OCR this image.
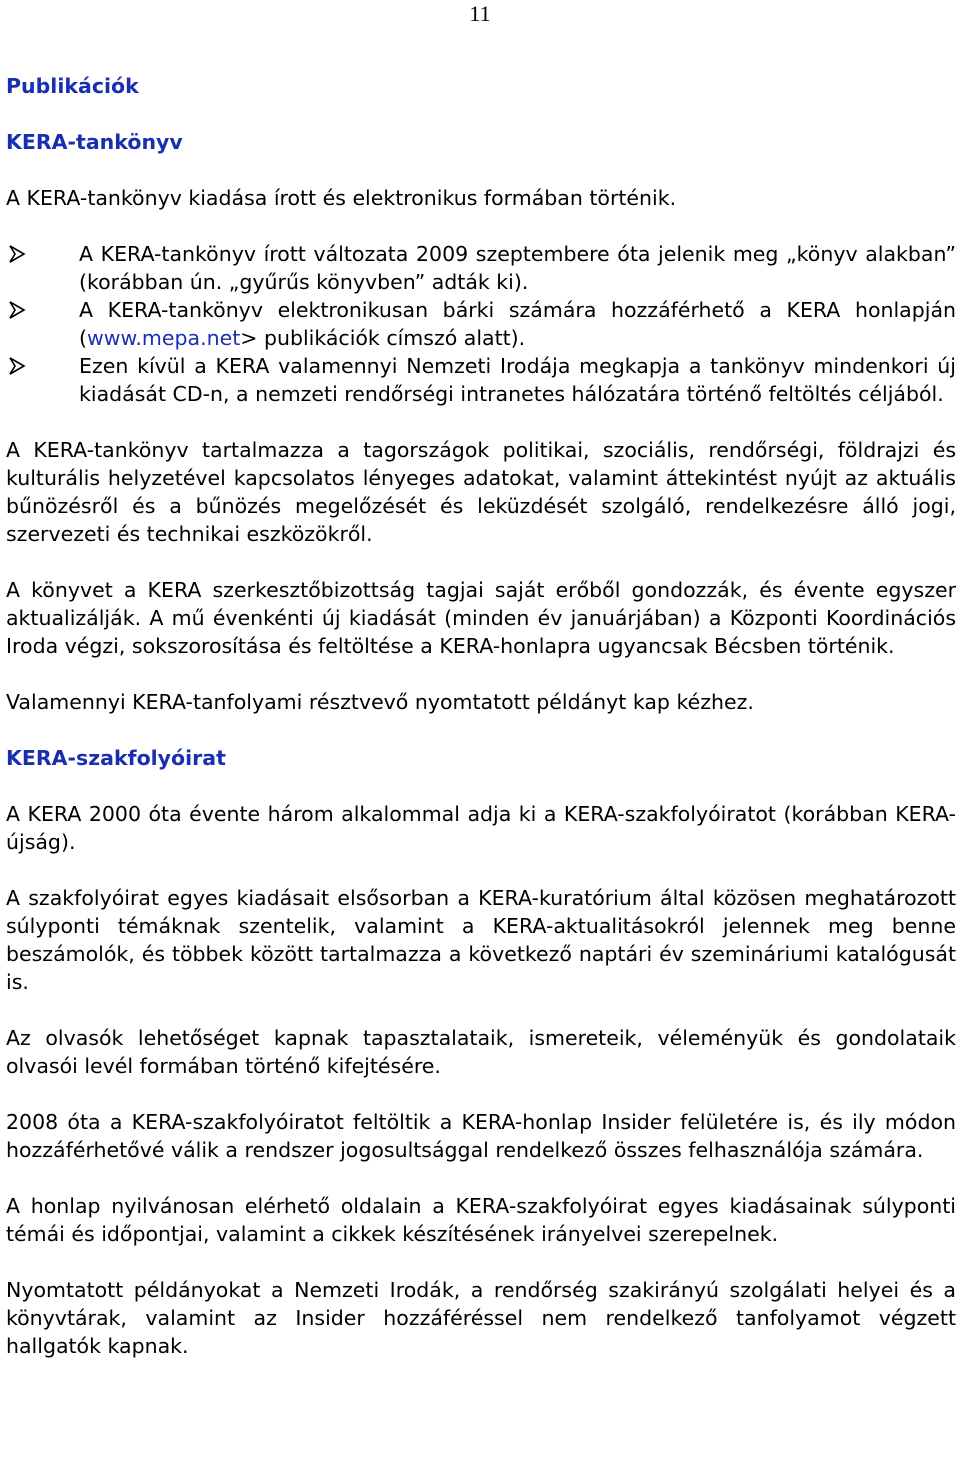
11
Publikációk
KERA-tankönyv

A KERA-tankönyv kiadása írott és elektronikus formában történik.

A KERA-tankönyv írott változata 2009 szeptembere óta jelenik meg „könyv alakban” (korábban ún. „gyűrűs könyvben” adták ki).
A KERA-tankönyv elektronikusan bárki számára hozzáférhető a KERA honlapján (www.mepa.net> publikációk címszó alatt).
Ezen kívül a KERA valamennyi Nemzeti Irodája megkapja a tankönyv mindenkori új kiadását CD-n, a nemzeti rendőrségi intranetes hálózatára történő feltöltés céljából.

A KERA-tankönyv tartalmazza a tagországok politikai, szociális, rendőrségi, földrajzi és kulturális helyzetével kapcsolatos lényeges adatokat, valamint áttekintést nyújt az aktuális bűnözésről és a bűnözés megelőzését és leküzdését szolgáló, rendelkezésre álló jogi, szervezeti és technikai eszközökről.

A könyvet a KERA szerkesztőbizottság tagjai saját erőből gondozzák, és évente egyszer aktualizálják. A mű évenkénti új kiadását (minden év januárjában) a Központi Koordinációs Iroda végzi, sokszorosítása és feltöltése a KERA-honlapra ugyancsak Bécsben történik.

Valamennyi KERA-tanfolyami résztvevő nyomtatott példányt kap kézhez.

KERA-szakfolyóirat

A KERA 2000 óta évente három alkalommal adja ki a KERA-szakfolyóiratot (korábban KERA-újság).

A szakfolyóirat egyes kiadásait elsősorban a KERA-kuratórium által közösen meghatározott súlyponti témáknak szentelik, valamint a KERA-aktualitásokról jelennek meg benne beszámolók, és többek között tartalmazza a következő naptári év szemináriumi katalógusát is.

Az olvasók lehetőséget kapnak tapasztalataik, ismereteik, véleményük és gondolataik olvasói levél formában történő kifejtésére.

2008 óta a KERA-szakfolyóiratot feltöltik a KERA-honlap Insider felületére is, és ily módon hozzáférhetővé válik a rendszer jogosultsággal rendelkező összes felhasználója számára.

A honlap nyilvánosan elérhető oldalain a KERA-szakfolyóirat egyes kiadásainak súlyponti témái és időpontjai, valamint a cikkek készítésének irányelvei szerepelnek.

Nyomtatott példányokat a Nemzeti Irodák, a rendőrség szakirányú szolgálati helyei és a könyvtárak, valamint az Insider hozzáféréssel nem rendelkező tanfolyamot végzett hallgatók kapnak.
